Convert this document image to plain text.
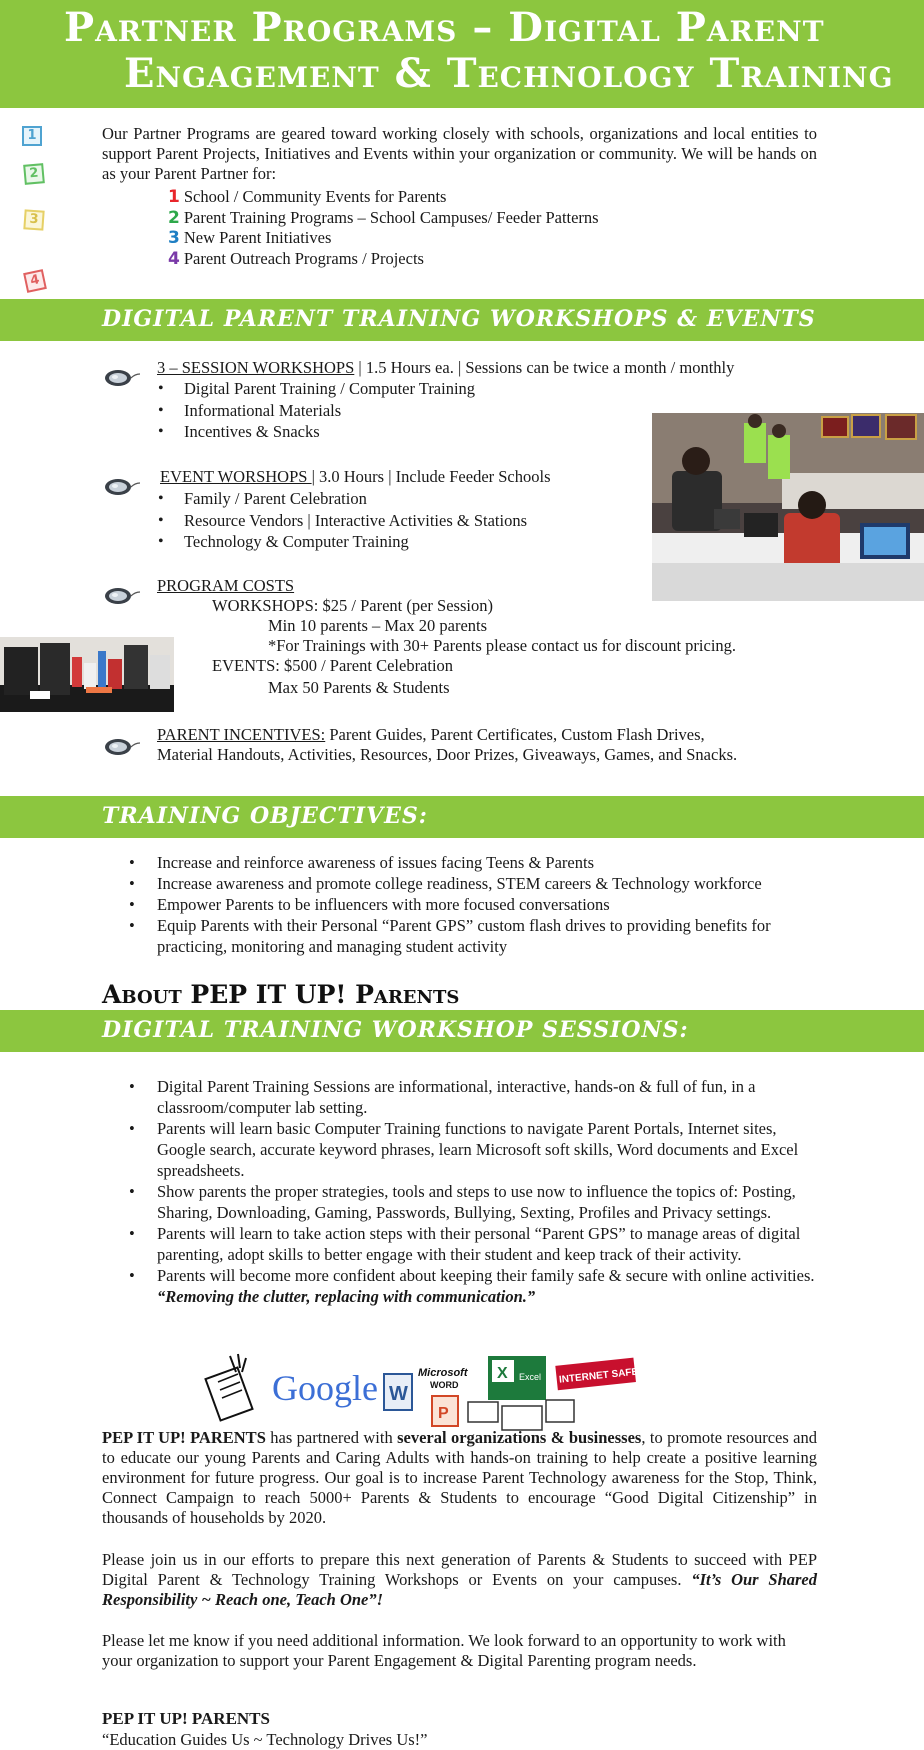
Partner Programs – Digital Parent
Engagement & Technology Training
1
2
3
4
Our Partner Programs are geared toward working closely with schools, organizations and local entities to support Parent Projects, Initiatives and Events within your organization or community. We will be hands on as your Parent Partner for:
1 School / Community Events for Parents
2 Parent Training Programs – School Campuses/ Feeder Patterns
3 New Parent Initiatives
4 Parent Outreach Programs / Projects
DIGITAL PARENT TRAINING WORKSHOPS & EVENTS
3 – SESSION WORKSHOPS | 1.5 Hours ea. | Sessions can be twice a month / monthly
• Digital Parent Training / Computer Training
• Informational Materials
• Incentives & Snacks
EVENT WORSHOPS | 3.0 Hours | Include Feeder Schools
• Family / Parent Celebration
• Resource Vendors | Interactive Activities & Stations
• Technology & Computer Training
PROGRAM COSTS
WORKSHOPS: $25 / Parent (per Session)
Min 10 parents – Max 20 parents
*For Trainings with 30+ Parents please contact us for discount pricing.
EVENTS: $500 / Parent Celebration
Max 50 Parents & Students
PARENT INCENTIVES: Parent Guides, Parent Certificates, Custom Flash Drives,
Material Handouts, Activities, Resources, Door Prizes, Giveaways, Games, and Snacks.
TRAINING OBJECTIVES:
• Increase and reinforce awareness of issues facing Teens & Parents
• Increase awareness and promote college readiness, STEM careers & Technology workforce
• Empower Parents to be influencers with more focused conversations
• Equip Parents with their Personal “Parent GPS” custom flash drives to providing benefits for practicing, monitoring and managing student activity
About PEP IT UP! Parents
DIGITAL TRAINING WORKSHOP SESSIONS:
• Digital Parent Training Sessions are informational, interactive, hands-on & full of fun, in a classroom/computer lab setting.
• Parents will learn basic Computer Training functions to navigate Parent Portals, Internet sites, Google search, accurate keyword phrases, learn Microsoft soft skills, Word documents and Excel spreadsheets.
• Show parents the proper strategies, tools and steps to use now to influence the topics of: Posting, Sharing, Downloading, Gaming, Passwords, Bullying, Sexting, Profiles and Privacy settings.
• Parents will learn to take action steps with their personal “Parent GPS” to manage areas of digital parenting, adopt skills to better engage with their student and keep track of their activity.
• Parents will become more confident about keeping their family safe & secure with online activities. “Removing the clutter, replacing with communication.”
Google W
Microsoft
WORD
P
X Excel INTERNET SAFETY!
PEP IT UP! PARENTS has partnered with several organizations & businesses, to promote resources and to educate our young Parents and Caring Adults with hands-on training to help create a positive learning environment for future progress. Our goal is to increase Parent Technology awareness for the Stop, Think, Connect Campaign to reach 5000+ Parents & Students to encourage “Good Digital Citizenship” in thousands of households by 2020.
Please join us in our efforts to prepare this next generation of Parents & Students to succeed with PEP Digital Parent & Technology Training Workshops or Events on your campuses. “It’s Our Shared Responsibility ~ Reach one, Teach One”!
Please let me know if you need additional information. We look forward to an opportunity to work with your organization to support your Parent Engagement & Digital Parenting program needs.
PEP IT UP! PARENTS
“Education Guides Us ~ Technology Drives Us!”
